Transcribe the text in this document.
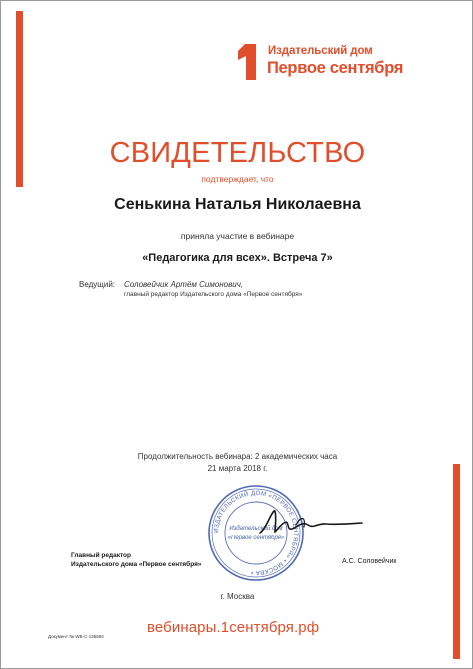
Издательский дом
Первое сентября
СВИДЕТЕЛЬСТВО
подтверждает, что
Сенькина Наталья Николаевна
приняла участие в вебинаре
«Педагогика для всех». Встреча 7»
Ведущий: Соловейчик Артём Симонович,
главный редактор Издательского дома «Первое сентября»
Продолжительность вебинара: 2 академических часа
21 марта 2018 г.
ИЗДАТЕЛЬСКИЙ ДОМ «ПЕРВОЕ СЕНТЯБРЯ» • МОСКВА •
Издательский дом
«Первое сентября»
Главный редактор
Издательского дома «Первое сентября»	А.С. Соловейчик
г. Москва
Документ № WB-C-135694
вебинары.1сентября.рф
